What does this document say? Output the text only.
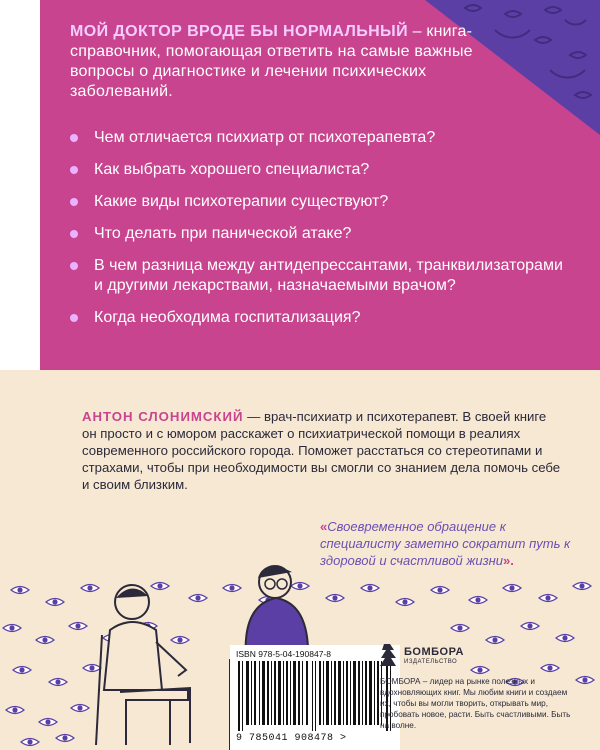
МОЙ ДОКТОР ВРОДЕ БЫ НОРМАЛЬНЫЙ – книга-справочник, помогающая ответить на самые важные вопросы о диагностике и лечении психических заболеваний.
Чем отличается психиатр от психотерапевта?
Как выбрать хорошего специалиста?
Какие виды психотерапии существуют?
Что делать при панической атаке?
В чем разница между антидепрессантами, транквилизаторами и другими лекарствами, назначаемыми врачом?
Когда необходима госпитализация?
АНТОН СЛОНИМСКИЙ — врач-психиатр и психотерапевт. В своей книге он просто и с юмором расскажет о психиатрической помощи в реалиях современного российского города. Поможет расстаться со стереотипами и страхами, чтобы при необходимости вы смогли со знанием дела помочь себе и своим близким.
«Своевременное обращение к специалисту заметно сократит путь к здоровой и счастливой жизни».
ISBN 978-5-04-190847-8
9 785041 908478 >
БОМБОРА
ИЗДАТЕЛЬСТВО
БОМБОРА – лидер на рынке полезных и вдохновляющих книг. Мы любим книги и создаем их, чтобы вы могли творить, открывать мир, пробовать новое, расти. Быть счастливыми. Быть на волне.
